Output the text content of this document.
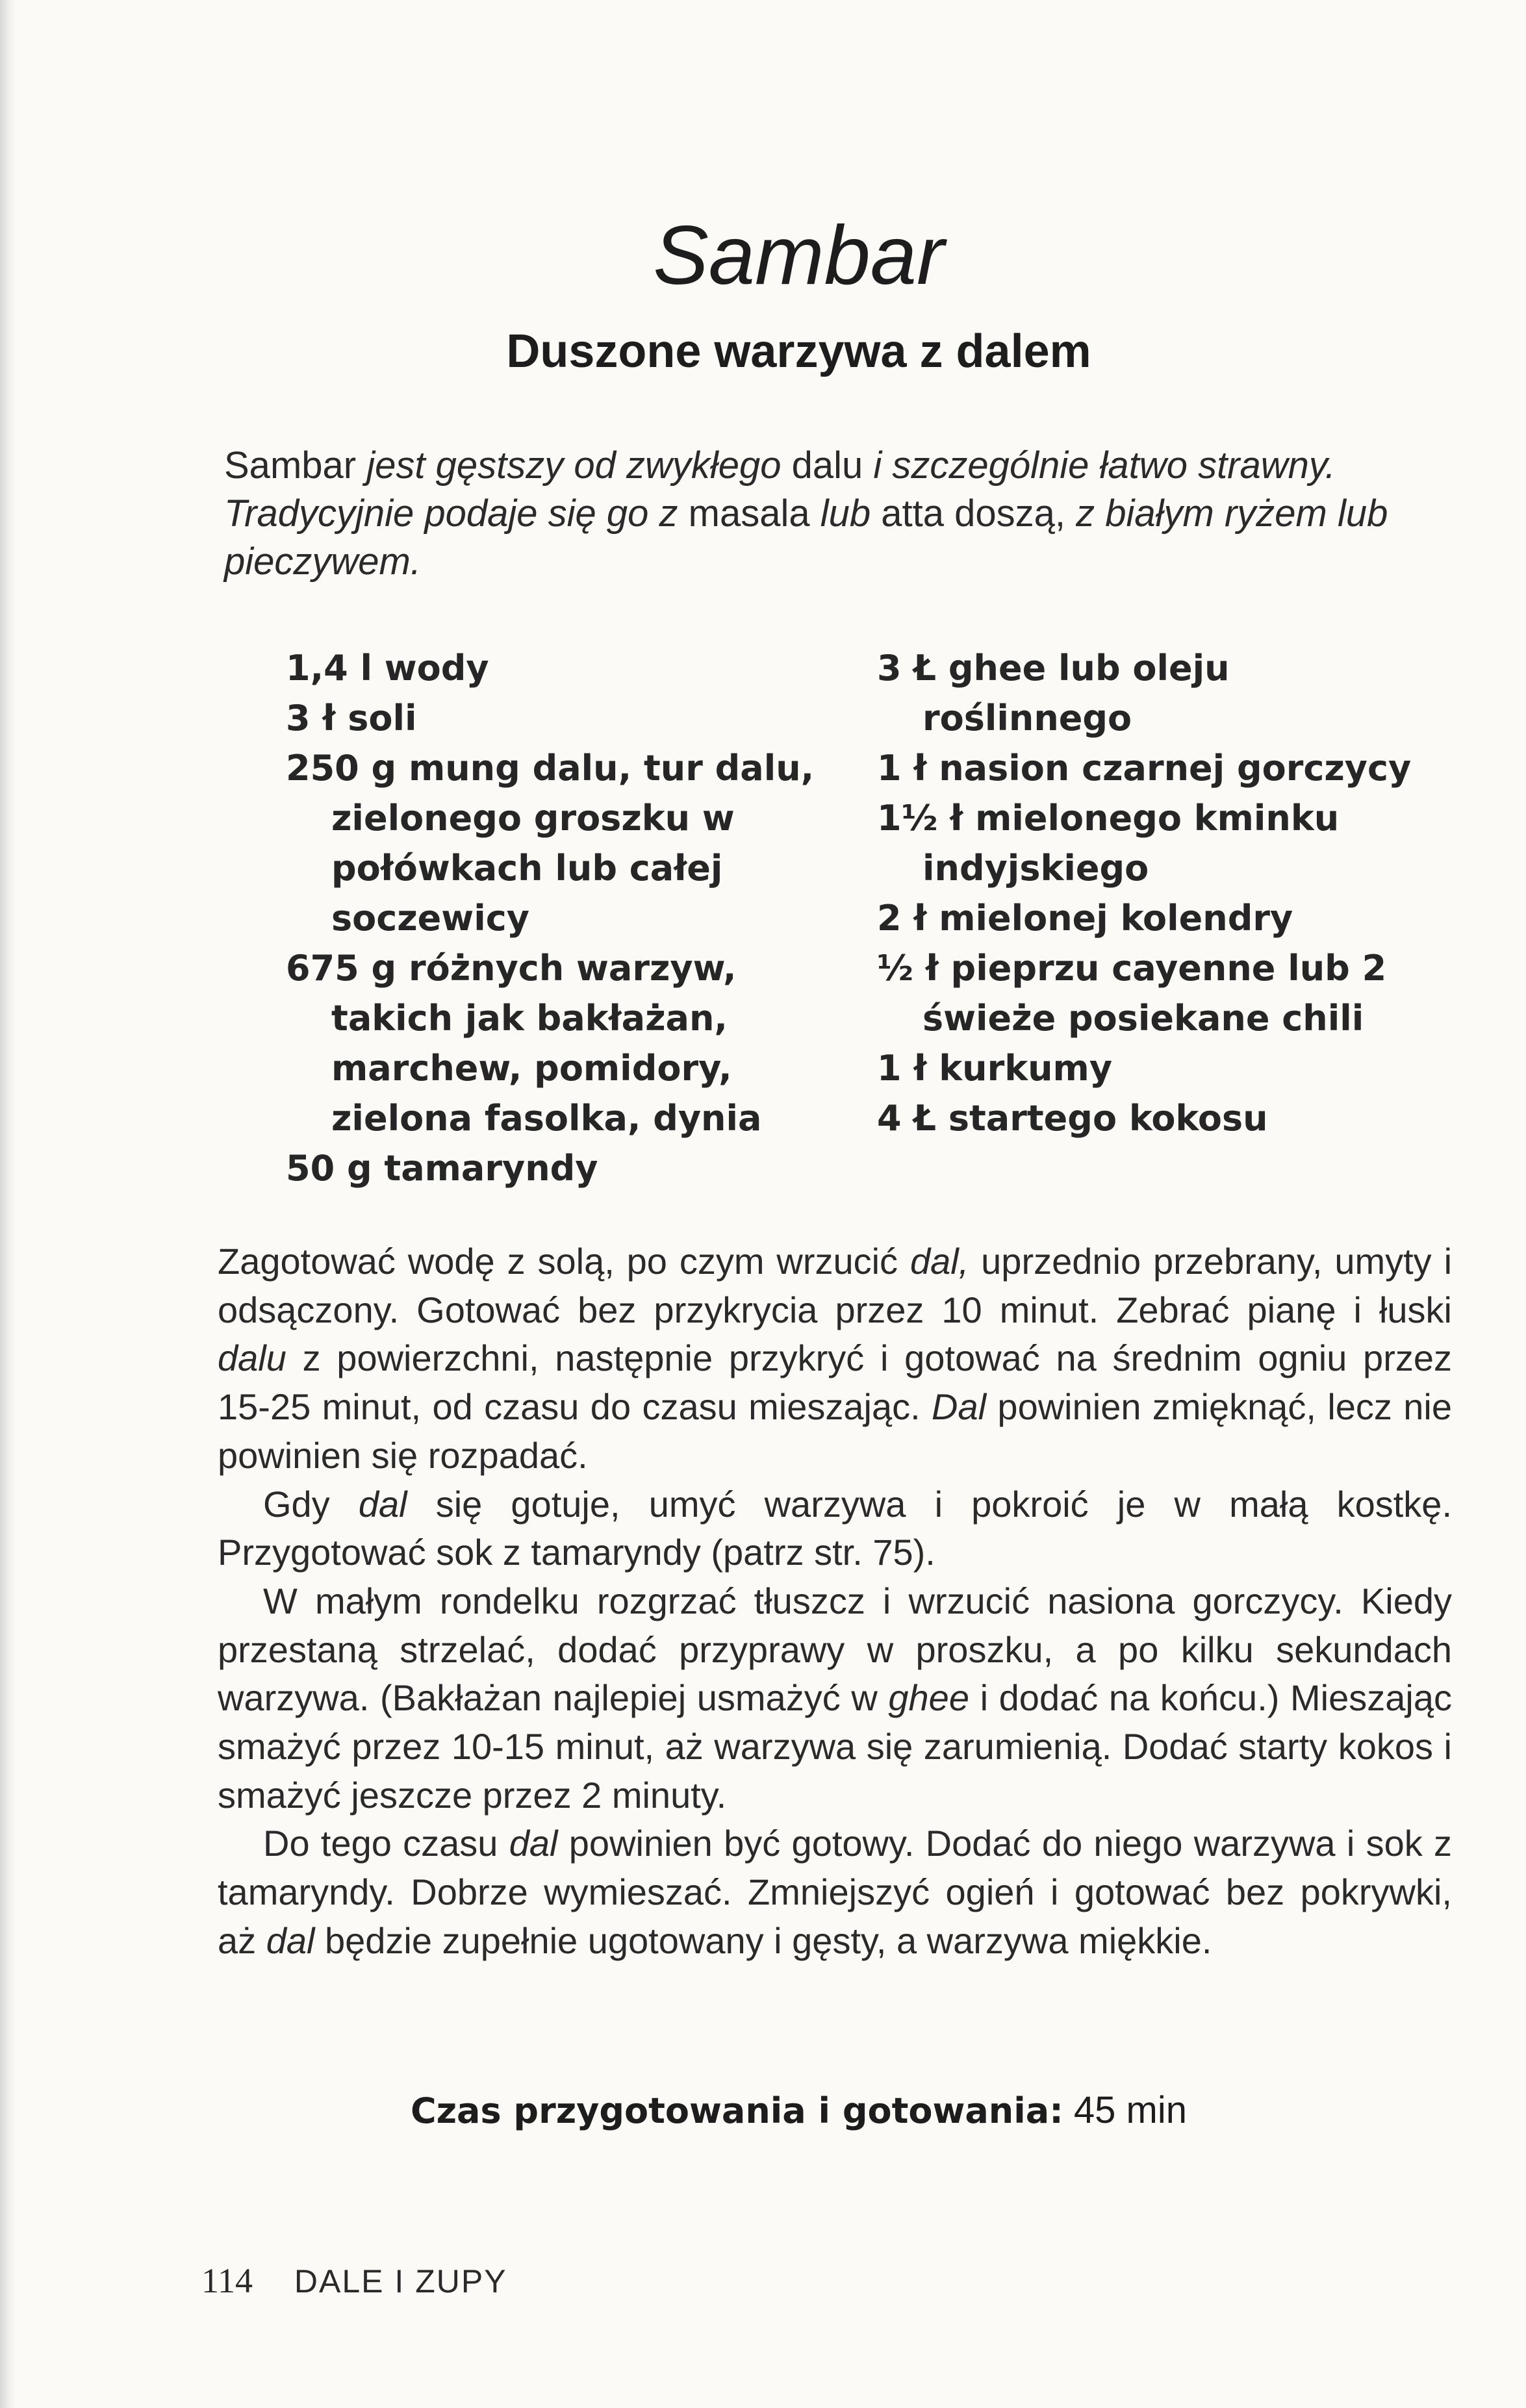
Sambar
Duszone warzywa z dalem

Sambar jest gęstszy od zwykłego dalu i szczególnie łatwo strawny. Tradycyjnie podaje się go z masala lub atta doszą, z białym ryżem lub pieczywem.

1,4 l wody
3 ł soli
250 g mung dalu, tur dalu, zielonego groszku w połówkach lub całej soczewicy
675 g różnych warzyw, takich jak bakłażan, marchew, pomidory, zielona fasolka, dynia
50 g tamaryndy
3 Ł ghee lub oleju roślinnego
1 ł nasion czarnej gorczycy
1½ ł mielonego kminku indyjskiego
2 ł mielonej kolendry
½ ł pieprzu cayenne lub 2 świeże posiekane chili
1 ł kurkumy
4 Ł startego kokosu

Zagotować wodę z solą, po czym wrzucić dal, uprzednio przebrany, umyty i odsączony. Gotować bez przykrycia przez 10 minut. Zebrać pianę i łuski dalu z powierzchni, następnie przykryć i gotować na średnim ogniu przez 15-25 minut, od czasu do czasu mieszając. Dal powinien zmięknąć, lecz nie powinien się rozpadać.

Gdy dal się gotuje, umyć warzywa i pokroić je w małą kostkę. Przygotować sok z tamaryndy (patrz str. 75).

W małym rondelku rozgrzać tłuszcz i wrzucić nasiona gorczycy. Kiedy przestaną strzelać, dodać przyprawy w proszku, a po kilku sekundach warzywa. (Bakłażan najlepiej usmażyć w ghee i dodać na końcu.) Mieszając smażyć przez 10-15 minut, aż warzywa się zarumienią. Dodać starty kokos i smażyć jeszcze przez 2 minuty.

Do tego czasu dal powinien być gotowy. Dodać do niego warzywa i sok z tamaryndy. Dobrze wymieszać. Zmniejszyć ogień i gotować bez pokrywki, aż dal będzie zupełnie ugotowany i gęsty, a warzywa miękkie.

Czas przygotowania i gotowania: 45 min
114 DALE I ZUPY
